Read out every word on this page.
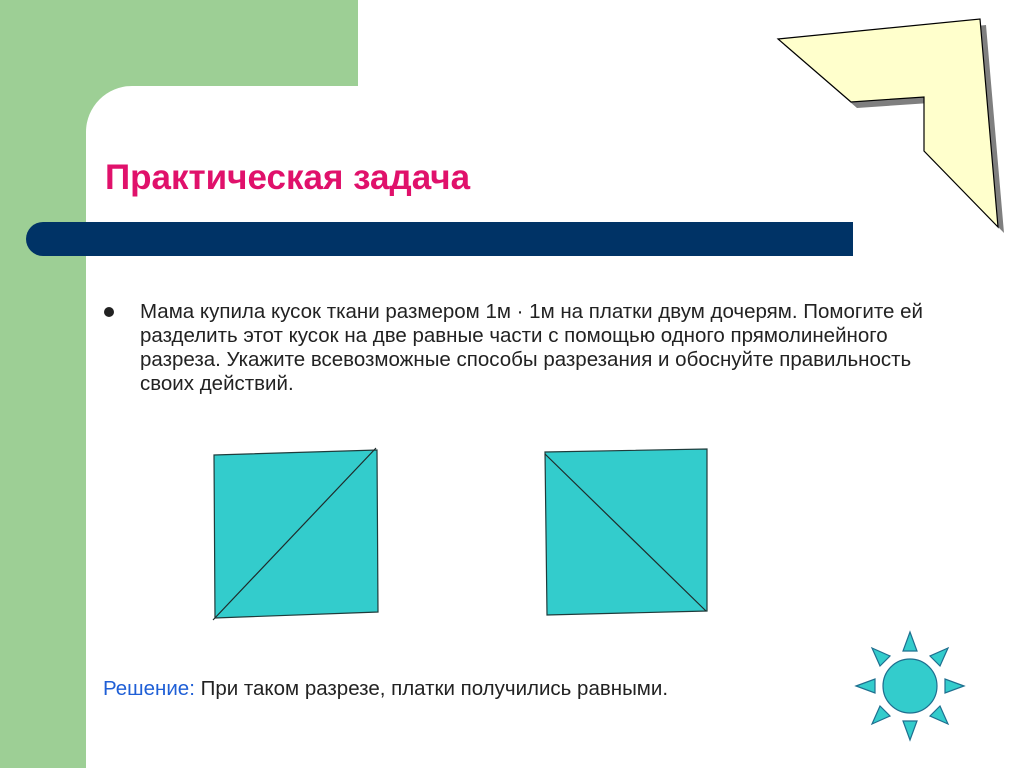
Практическая задача

Мама купила кусок ткани размером 1м · 1м на платки двум дочерям. Помогите ей разделить этот кусок на две равные части с помощью одного прямолинейного разреза. Укажите всевозможные способы разрезания и обоснуйте правильность своих действий.

Решение: При таком разрезе, платки получились равными.
